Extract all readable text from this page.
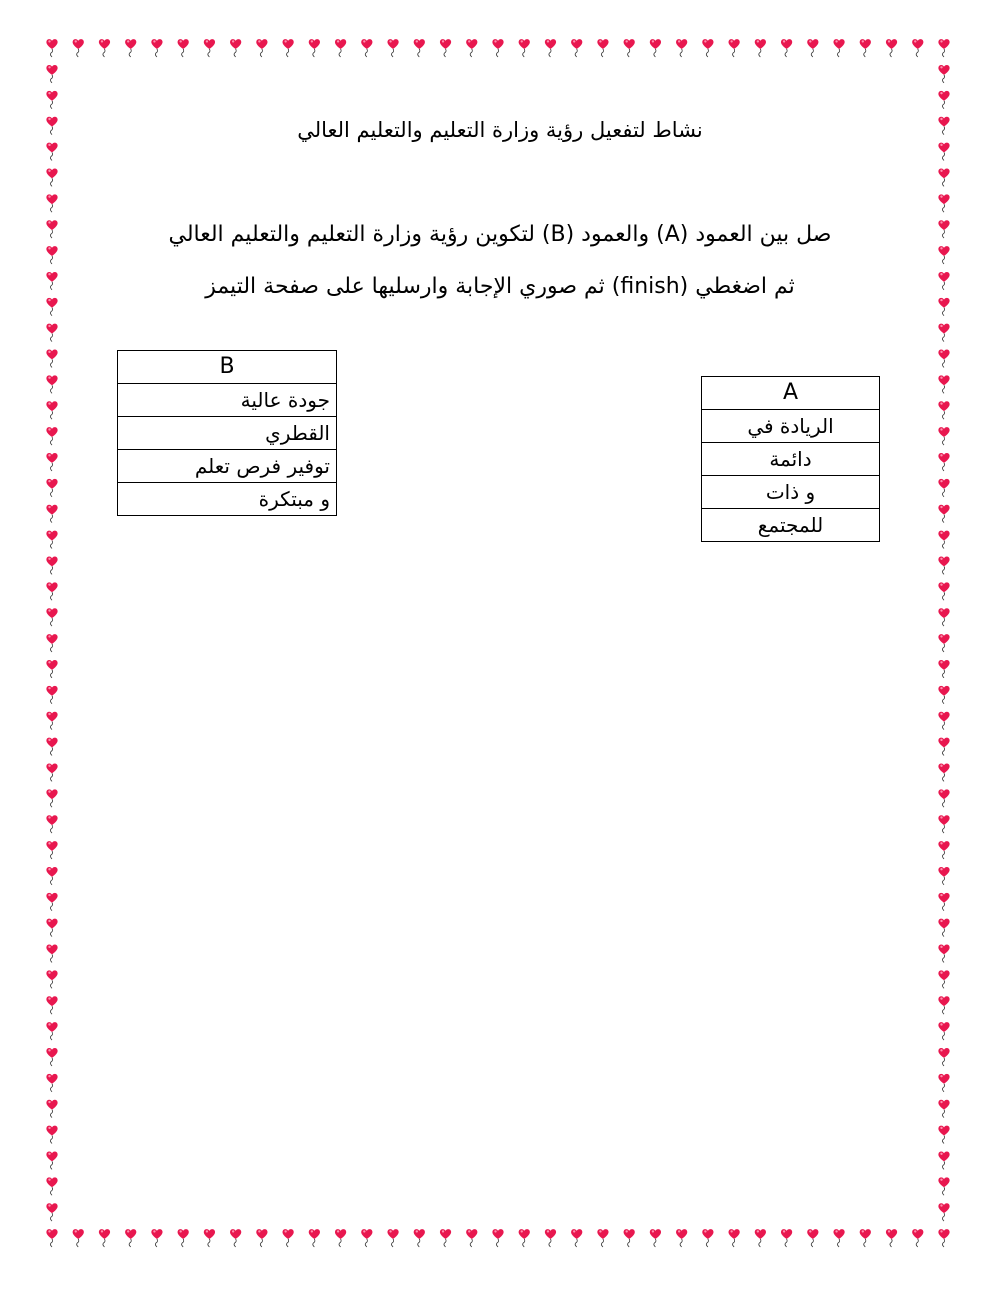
نشاط لتفعيل رؤية وزارة التعليم والتعليم العالي
صل بين العمود (A) والعمود (B) لتكوين رؤية وزارة التعليم والتعليم العالي
ثم اضغطي (finish) ثم صوري الإجابة وارسليها على صفحة التيمز
B
جودة عالية
القطري
توفير فرص تعلم
و مبتكرة
A
الريادة في
دائمة
و ذات
للمجتمع
